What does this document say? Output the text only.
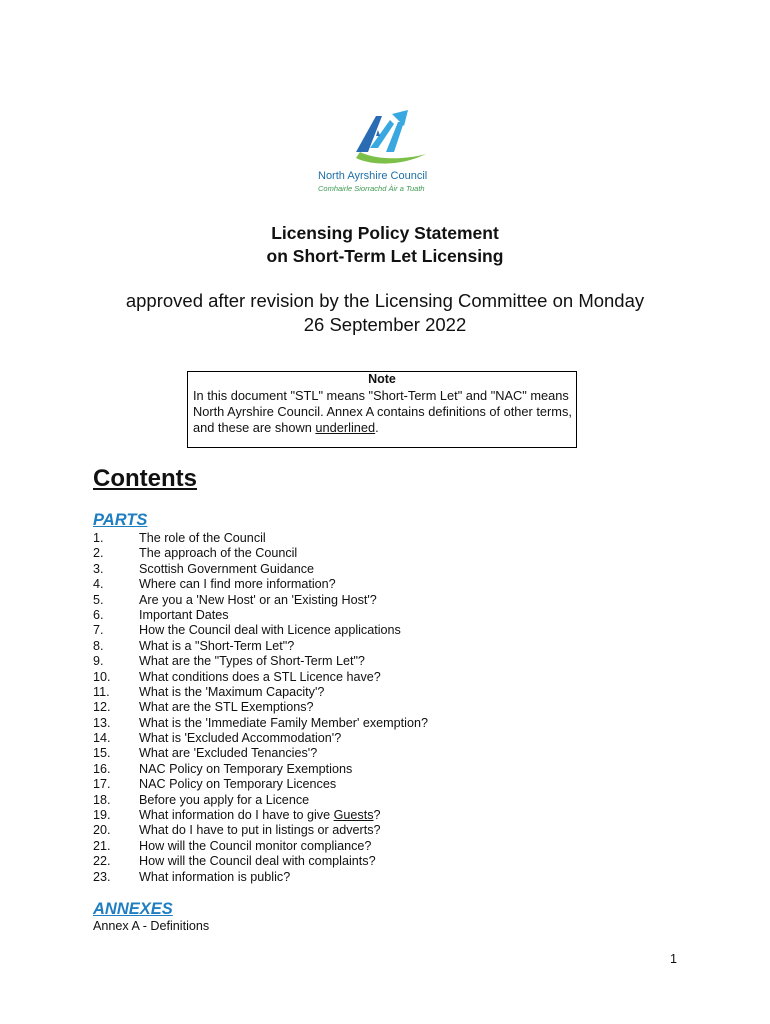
North Ayrshire Council
Comhairle Siorrachd Àir a Tuath
Licensing Policy Statement
on Short-Term Let Licensing
approved after revision by the Licensing Committee on Monday
26 September 2022
Note
In this document "STL" means "Short-Term Let" and "NAC" means North Ayrshire Council. Annex A contains definitions of other terms, and these are shown underlined.
Contents
PARTS
1.	The role of the Council
2.	The approach of the Council
3.	Scottish Government Guidance
4.	Where can I find more information?
5.	Are you a 'New Host' or an 'Existing Host'?
6.	Important Dates
7.	How the Council deal with Licence applications
8.	What is a "Short-Term Let"?
9.	What are the "Types of Short-Term Let"?
10. What conditions does a STL Licence have?
11. What is the 'Maximum Capacity'?
12. What are the STL Exemptions?
13. What is the 'Immediate Family Member' exemption?
14. What is 'Excluded Accommodation'?
15. What are 'Excluded Tenancies'?
16. NAC Policy on Temporary Exemptions
17. NAC Policy on Temporary Licences
18. Before you apply for a Licence
19. What information do I have to give Guests?
20. What do I have to put in listings or adverts?
21. How will the Council monitor compliance?
22. How will the Council deal with complaints?
23. What information is public?
ANNEXES
Annex A - Definitions
1
